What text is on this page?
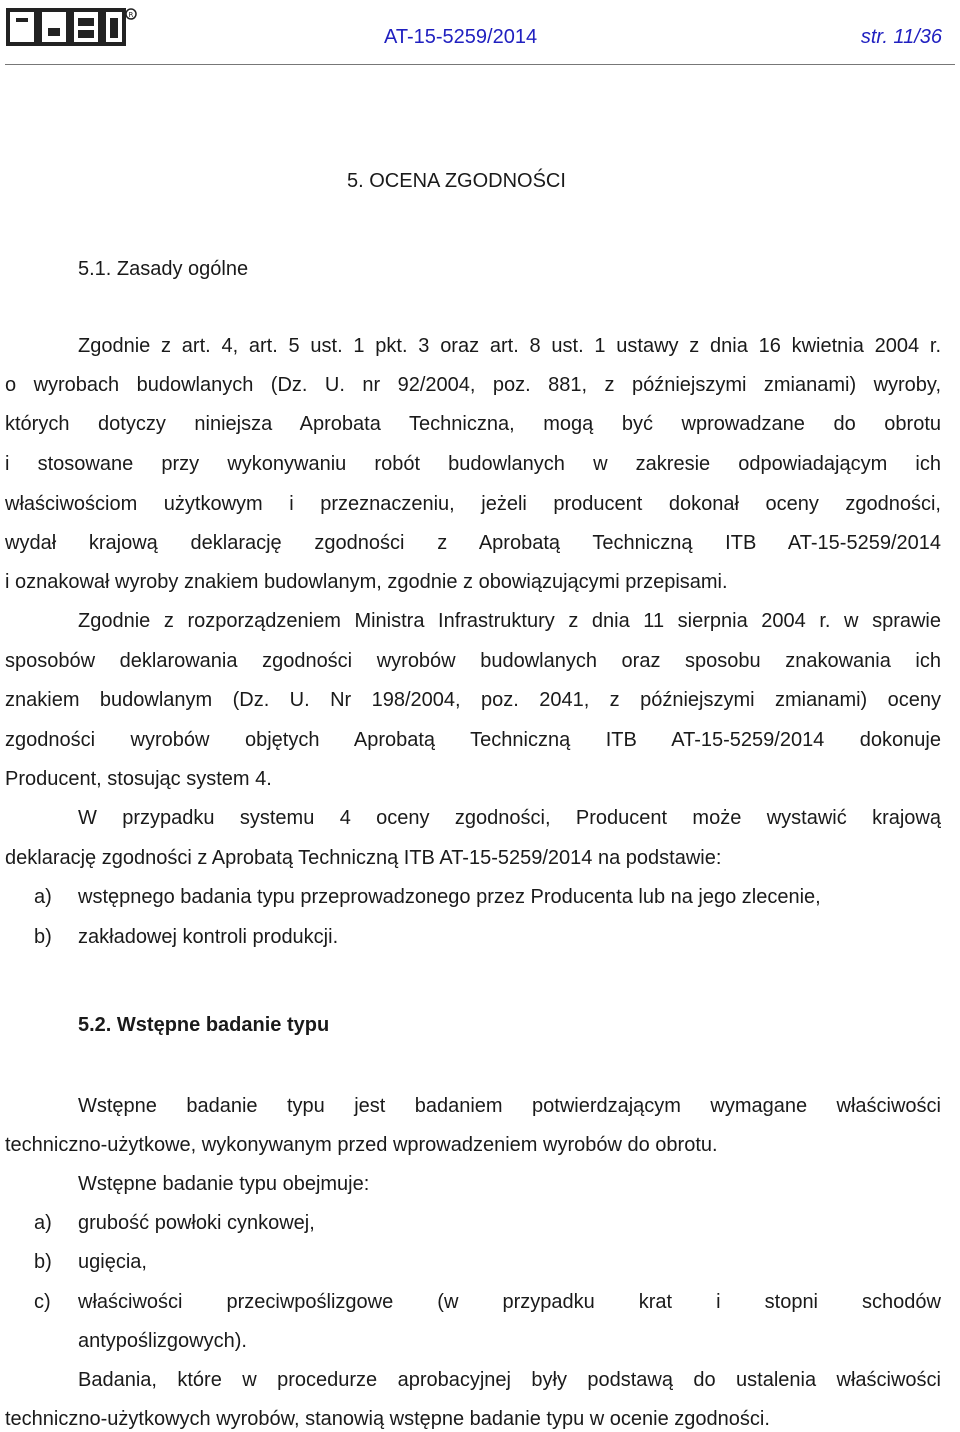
R
AT-15-5259/2014	str. 11/36
5. OCENA ZGODNOŚCI
5.1. Zasady ogólne
Zgodnie z art. 4, art. 5 ust. 1 pkt. 3 oraz art. 8 ust. 1 ustawy z dnia 16 kwietnia 2004 r.
o wyrobach budowlanych (Dz. U. nr 92/2004, poz. 881, z późniejszymi zmianami) wyroby,
których dotyczy niniejsza Aprobata Techniczna, mogą być wprowadzane do obrotu
i stosowane przy wykonywaniu robót budowlanych w zakresie odpowiadającym ich
właściwościom użytkowym i przeznaczeniu, jeżeli producent dokonał oceny zgodności,
wydał krajową deklarację zgodności z Aprobatą Techniczną ITB AT-15-5259/2014
i oznakował wyroby znakiem budowlanym, zgodnie z obowiązującymi przepisami.
Zgodnie z rozporządzeniem Ministra Infrastruktury z dnia 11 sierpnia 2004 r. w sprawie
sposobów deklarowania zgodności wyrobów budowlanych oraz sposobu znakowania ich
znakiem budowlanym (Dz. U. Nr 198/2004, poz. 2041, z późniejszymi zmianami) oceny
zgodności wyrobów objętych Aprobatą Techniczną ITB AT-15-5259/2014 dokonuje
Producent, stosując system 4.
W przypadku systemu 4 oceny zgodności, Producent może wystawić krajową
deklarację zgodności z Aprobatą Techniczną ITB AT-15-5259/2014 na podstawie:
a) wstępnego badania typu przeprowadzonego przez Producenta lub na jego zlecenie,
b) zakładowej kontroli produkcji.
5.2. Wstępne badanie typu
Wstępne badanie typu jest badaniem potwierdzającym wymagane właściwości
techniczno-użytkowe, wykonywanym przed wprowadzeniem wyrobów do obrotu.
Wstępne badanie typu obejmuje:
a) grubość powłoki cynkowej,
b) ugięcia,
c) właściwości przeciwpoślizgowe (w przypadku krat i stopni schodów
antypoślizgowych).
Badania, które w procedurze aprobacyjnej były podstawą do ustalenia właściwości
techniczno-użytkowych wyrobów, stanowią wstępne badanie typu w ocenie zgodności.
